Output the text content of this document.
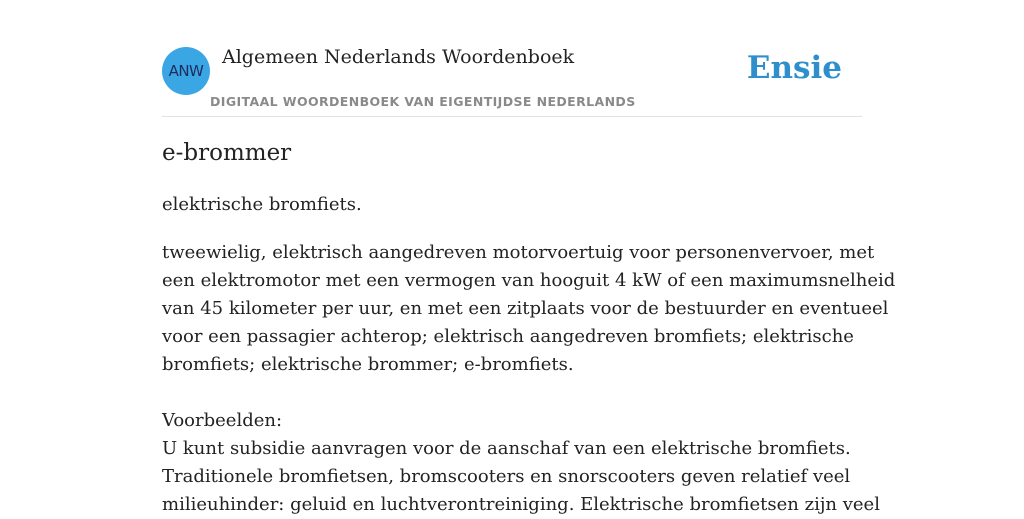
ANW
Algemeen Nederlands Woordenboek
DIGITAAL WOORDENBOEK VAN EIGENTIJDSE NEDERLANDS
Ensie
e-brommer
elektrische bromfiets.
tweewielig, elektrisch aangedreven motorvoertuig voor personenvervoer, met
een elektromotor met een vermogen van hooguit 4 kW of een maximumsnelheid
van 45 kilometer per uur, en met een zitplaats voor de bestuurder en eventueel
voor een passagier achterop; elektrisch aangedreven bromfiets; elektrische
bromfiets; elektrische brommer; e-bromfiets.
Voorbeelden:
U kunt subsidie aanvragen voor de aanschaf van een elektrische bromfiets.
Traditionele bromfietsen, bromscooters en snorscooters geven relatief veel
milieuhinder: geluid en luchtverontreiniging. Elektrische bromfietsen zijn veel
